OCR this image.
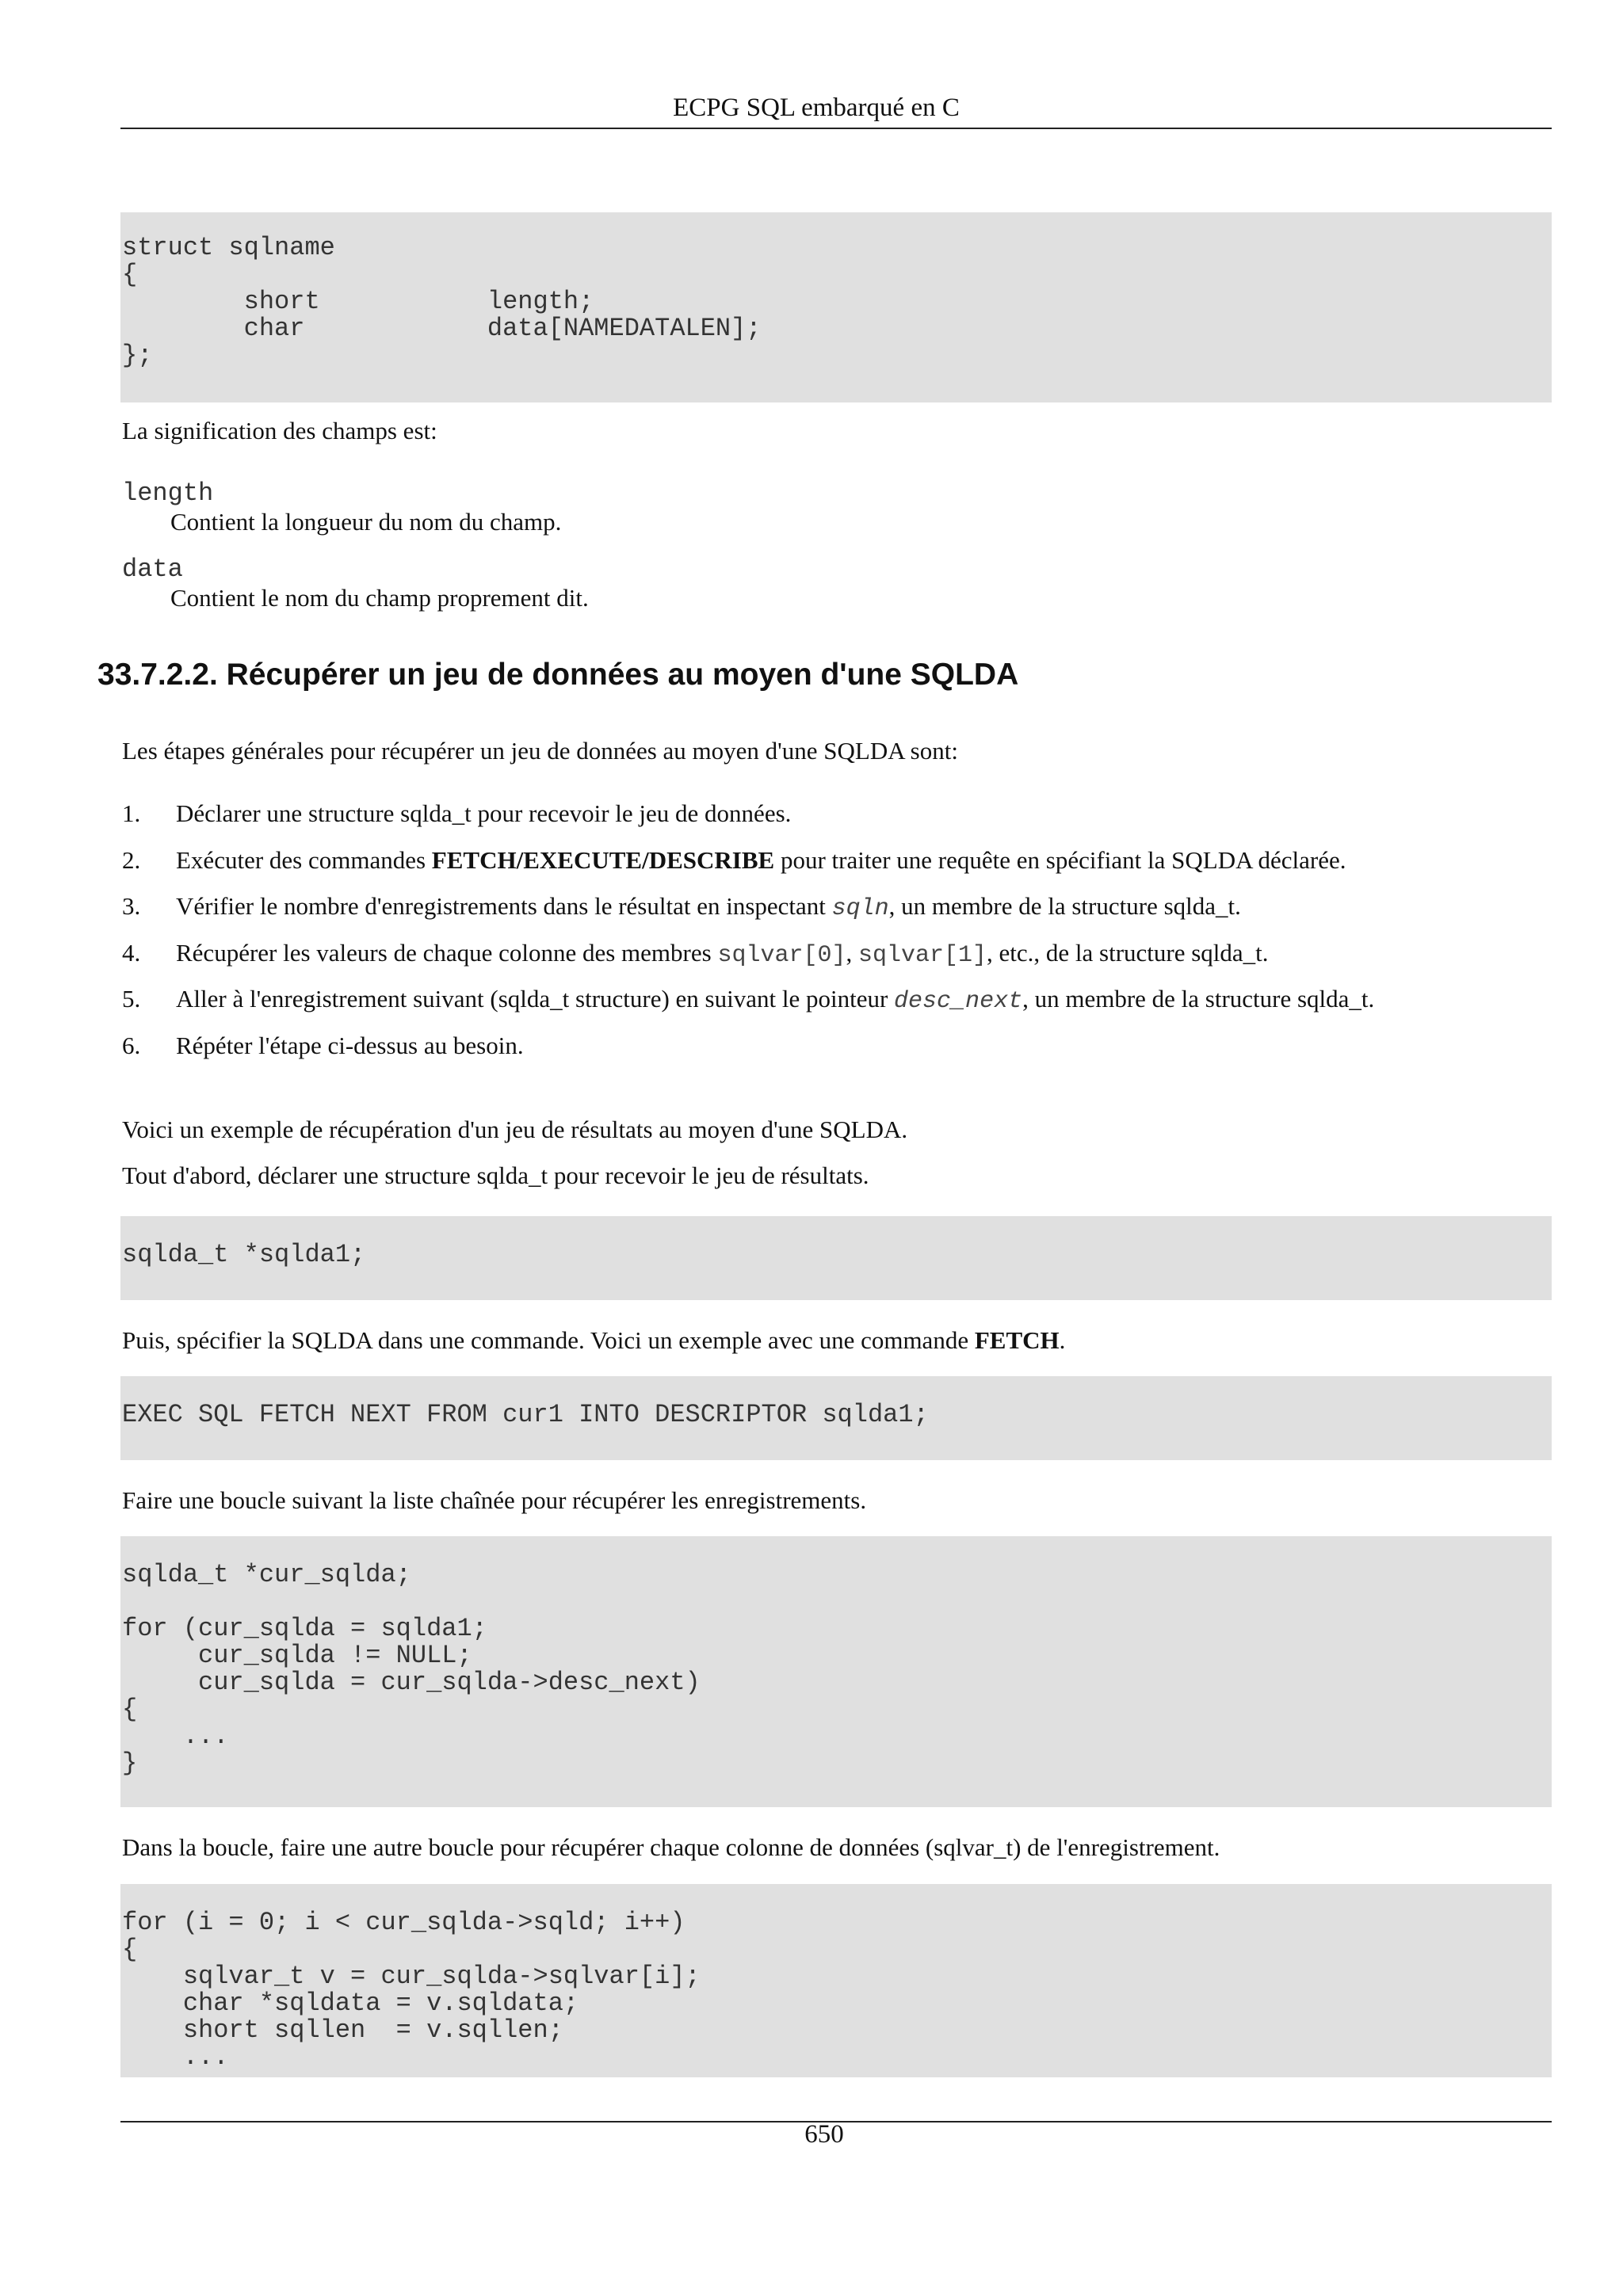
ECPG SQL embarqué en C
struct sqlname
{
short           length;
char            data[NAMEDATALEN];
};
La signification des champs est:
length
Contient la longueur du nom du champ.
data
Contient le nom du champ proprement dit.
33.7.2.2. Récupérer un jeu de données au moyen d'une SQLDA
Les étapes générales pour récupérer un jeu de données au moyen d'une SQLDA sont:
1. Déclarer une structure sqlda_t pour recevoir le jeu de données.
2. Exécuter des commandes FETCH/EXECUTE/DESCRIBE pour traiter une requête en spécifiant la SQLDA déclarée.
3. Vérifier le nombre d'enregistrements dans le résultat en inspectant sqln, un membre de la structure sqlda_t.
4. Récupérer les valeurs de chaque colonne des membres sqlvar[0], sqlvar[1], etc., de la structure sqlda_t.
5. Aller à l'enregistrement suivant (sqlda_t structure) en suivant le pointeur desc_next, un membre de la structure sqlda_t.
6. Répéter l'étape ci-dessus au besoin.
Voici un exemple de récupération d'un jeu de résultats au moyen d'une SQLDA.
Tout d'abord, déclarer une structure sqlda_t pour recevoir le jeu de résultats.
sqlda_t *sqlda1;
Puis, spécifier la SQLDA dans une commande. Voici un exemple avec une commande FETCH.
EXEC SQL FETCH NEXT FROM cur1 INTO DESCRIPTOR sqlda1;
Faire une boucle suivant la liste chaînée pour récupérer les enregistrements.
sqlda_t *cur_sqlda;

for (cur_sqlda = sqlda1;
cur_sqlda != NULL;
cur_sqlda = cur_sqlda->desc_next)
{
...
}
Dans la boucle, faire une autre boucle pour récupérer chaque colonne de données (sqlvar_t) de l'enregistrement.
for (i = 0; i < cur_sqlda->sqld; i++)
{
sqlvar_t v = cur_sqlda->sqlvar[i];
char *sqldata = v.sqldata;
short sqllen  = v.sqllen;
...
650
